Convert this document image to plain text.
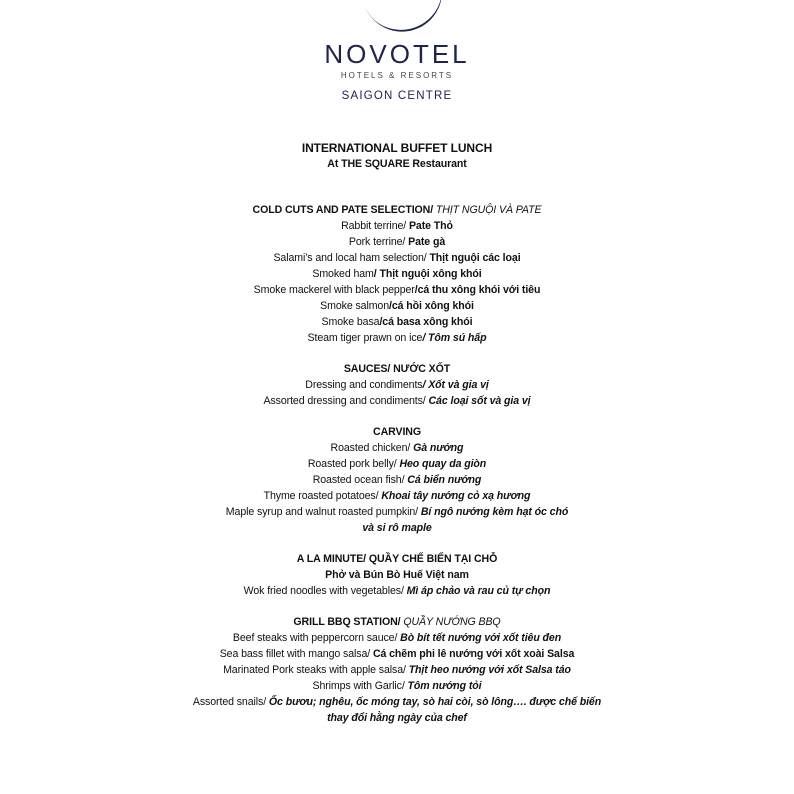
NOVOTEL
HOTELS & RESORTS
SAIGON CENTRE
INTERNATIONAL BUFFET LUNCH
At THE SQUARE Restaurant
COLD CUTS AND PATE SELECTION/ THỊT NGUỘI VÀ PATE
Rabbit terrine/ Pate Thỏ
Pork terrine/ Pate gà
Salami’s and local ham selection/ Thịt nguội các loại
Smoked ham/ Thịt nguội xông khói
Smoke mackerel with black pepper/cá thu xông khói với tiêu
Smoke salmon/cá hồi xông khói
Smoke basa/cá basa xông khói
Steam tiger prawn on ice/ Tôm sú hấp
SAUCES/ NƯỚC XỐT
Dressing and condiments/ Xốt và gia vị
Assorted dressing and condiments/ Các loại sốt và gia vị
CARVING
Roasted chicken/ Gà nướng
Roasted pork belly/ Heo quay da giòn
Roasted ocean fish/ Cá biển nướng
Thyme roasted potatoes/ Khoai tây nướng cỏ xạ hương
Maple syrup and walnut roasted pumpkin/ Bí ngô nướng kèm hạt óc chó
và si rô maple
A LA MINUTE/ QUẦY CHẾ BIẾN TẠI CHỖ
Phở và Bún Bò Huế Việt nam
Wok fried noodles with vegetables/ Mì áp chảo và rau củ tự chọn
GRILL BBQ STATION/ QUẦY NƯỚNG BBQ
Beef steaks with peppercorn sauce/ Bò bít tết nướng với xốt tiêu đen
Sea bass fillet with mango salsa/ Cá chẽm phi lê nướng với xốt xoài Salsa
Marinated Pork steaks with apple salsa/ Thịt heo nướng với xốt Salsa táo
Shrimps with Garlic/ Tôm nướng tỏi
Assorted snails/ Ốc bươu; nghêu, ốc móng tay, sò hai còi, sò lông…. được chế biến
thay đổi hằng ngày của chef
